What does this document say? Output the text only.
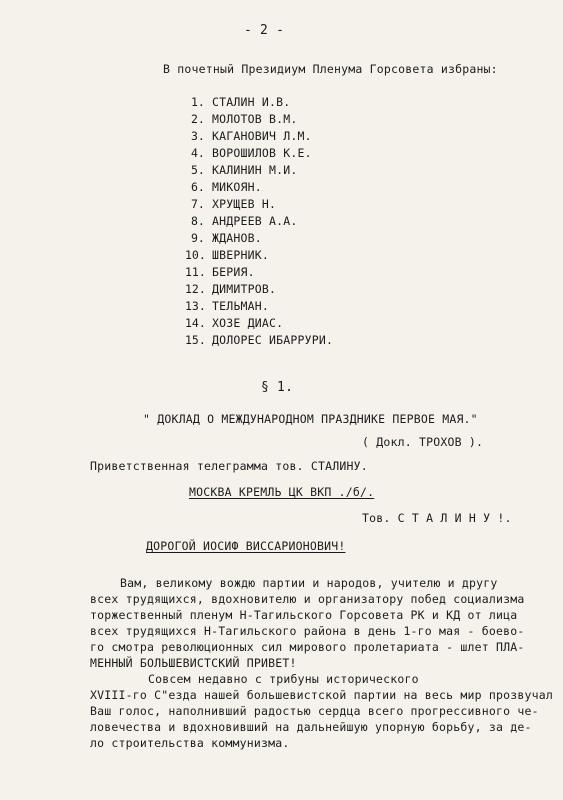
- 2 -
В почетный Президиум Пленума Горсовета избраны:
1. СТАЛИН И.В.
2. МОЛОТОВ В.М.
3. КАГАНОВИЧ Л.М.
4. ВОРОШИЛОВ К.Е.
5. КАЛИНИН М.И.
6. МИКОЯН.
7. ХРУЩЕВ Н.
8. АНДРЕЕВ А.А.
9. ЖДАНОВ.
10. ШВЕРНИК.
11. БЕРИЯ.
12. ДИМИТРОВ.
13. ТЕЛЬМАН.
14. ХОЗЕ ДИАС.
15. ДОЛОРЕС ИБАРРУРИ.
§ 1.
" ДОКЛАД О МЕЖДУНАРОДНОМ ПРАЗДНИКЕ ПЕРВОЕ МАЯ."
( Докл. ТРОХОВ ).
Приветственная телеграмма тов. СТАЛИНУ.
МОСКВА КРЕМЛЬ ЦК ВКП ./б/.
Тов. С Т А Л И Н У !.
ДОРОГОЙ ИОСИФ ВИССАРИОНОВИЧ!
Вам, великому вождю партии и народов, учителю и другу
всех трудящихся, вдохновителю и организатору побед социализма
торжественный пленум Н-Тагильского Горсовета РК и КД от лица
всех трудящихся Н-Тагильского района в день 1-го мая - боево-
го смотра революционных сил мирового пролетариата - шлет ПЛА-
МЕННЫЙ БОЛЬШЕВИСТСКИЙ ПРИВЕТ!
Совсем недавно с трибуны исторического
ХVIII-го С"езда нашей большевистской партии на весь мир прозвучал
Ваш голос, наполнивший радостью сердца всего прогрессивного че-
ловечества и вдохновивший на дальнейшую упорную борьбу, за де-
ло строительства коммунизма.
